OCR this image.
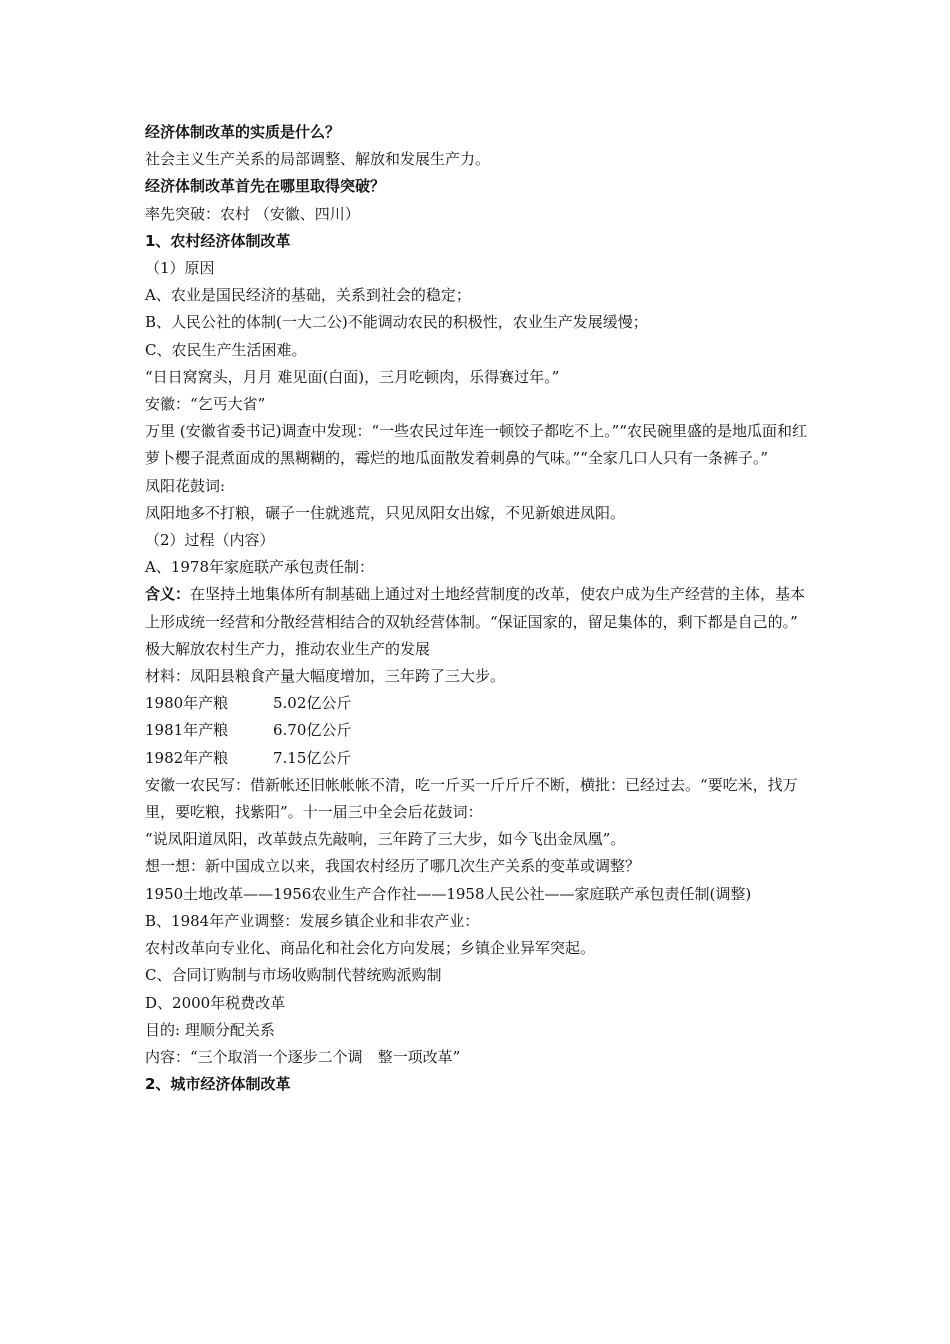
经济体制改革的实质是什么？
社会主义生产关系的局部调整、解放和发展生产力。
经济体制改革首先在哪里取得突破？
率先突破：农村 （安徽、四川）
1、农村经济体制改革
（1）原因
A、农业是国民经济的基础，关系到社会的稳定；
B、人民公社的体制(一大二公)不能调动农民的积极性，农业生产发展缓慢；
C、农民生产生活困难。
“日日窝窝头，月月 难见面(白面)，三月吃顿肉，乐得赛过年。”
安徽：“乞丐大省”
万里 (安徽省委书记)调查中发现：“一些农民过年连一顿饺子都吃不上。”“农民碗里盛的是地瓜面和红萝卜樱子混煮面成的黑糊糊的，霉烂的地瓜面散发着刺鼻的气味。”“全家几口人只有一条裤子。”
凤阳花鼓词:
凤阳地多不打粮，碾子一住就逃荒，只见凤阳女出嫁，不见新娘进凤阳。
（2）过程（内容）
A、1978年家庭联产承包责任制：
含义：在坚持土地集体所有制基础上通过对土地经营制度的改革，使农户成为生产经营的主体，基本上形成统一经营和分散经营相结合的双轨经营体制。“保证国家的，留足集体的，剩下都是自己的。”
极大解放农村生产力，推动农业生产的发展
材料：凤阳县粮食产量大幅度增加，三年跨了三大步。
1980年产粮	5.02亿公斤
1981年产粮	6.70亿公斤
1982年产粮	7.15亿公斤
安徽一农民写：借新帐还旧帐帐帐不清，吃一斤买一斤斤斤不断，横批：已经过去。“要吃米，找万里，要吃粮，找紫阳”。十一届三中全会后花鼓词：
“说凤阳道凤阳，改革鼓点先敲响，三年跨了三大步，如今飞出金凤凰”。
想一想：新中国成立以来，我国农村经历了哪几次生产关系的变革或调整？
1950土地改革——1956农业生产合作社——1958人民公社——家庭联产承包责任制(调整)
B、1984年产业调整：发展乡镇企业和非农产业：
农村改革向专业化、商品化和社会化方向发展；乡镇企业异军突起。
C、合同订购制与市场收购制代替统购派购制
D、2000年税费改革
目的: 理顺分配关系
内容：“三个取消一个逐步二个调　整一项改革”
2、城市经济体制改革
